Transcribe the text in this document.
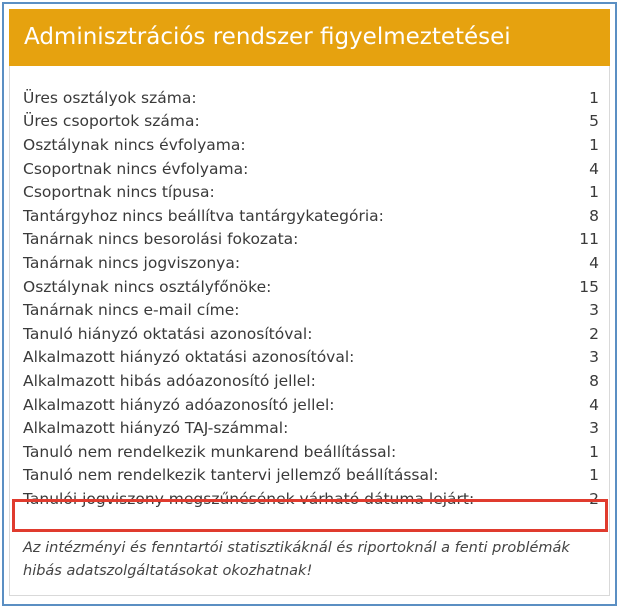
Adminisztrációs rendszer figyelmeztetései
Üres osztályok száma:	1
Üres csoportok száma:	5
Osztálynak nincs évfolyama:	1
Csoportnak nincs évfolyama:	4
Csoportnak nincs típusa:	1
Tantárgyhoz nincs beállítva tantárgykategória:	8
Tanárnak nincs besorolási fokozata:	11
Tanárnak nincs jogviszonya:	4
Osztálynak nincs osztályfőnöke:	15
Tanárnak nincs e-mail címe:	3
Tanuló hiányzó oktatási azonosítóval:	2
Alkalmazott hiányzó oktatási azonosítóval:	3
Alkalmazott hibás adóazonosító jellel:	8
Alkalmazott hiányzó adóazonosító jellel:	4
Alkalmazott hiányzó TAJ-számmal:	3
Tanuló nem rendelkezik munkarend beállítással:	1
Tanuló nem rendelkezik tantervi jellemző beállítással:	1
Tanulói jogviszony megszűnésének várható dátuma lejárt:	2
Az intézményi és fenntartói statisztikáknál és riportoknál a fenti problémák hibás adatszolgáltatásokat okozhatnak!
